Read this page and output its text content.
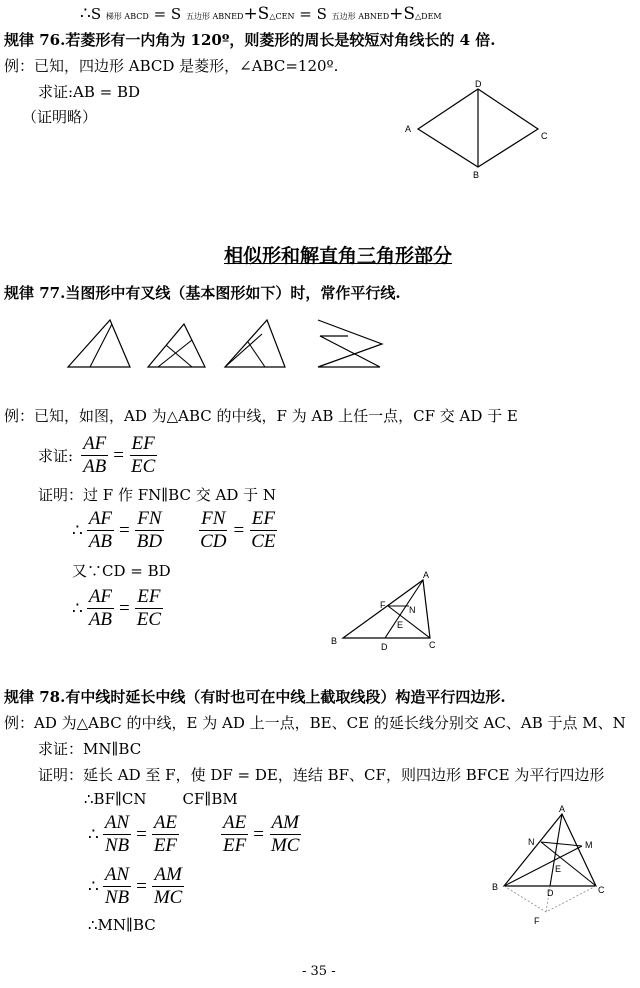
∴S 梯形 ABCD = S 五边形 ABNED+S△CEN = S 五边形 ABNED+S△DEM
规律 76.若菱形有一内角为 120º，则菱形的周长是较短对角线长的 4 倍.
例：已知，四边形 ABCD 是菱形，∠ABC=120º.
求证:AB = BD
（证明略）
A
D
C
B
相似形和解直角三角形部分
规律 77.当图形中有叉线（基本图形如下）时，常作平行线.
例：已知，如图，AD 为△ABC 的中线，F 为 AB 上任一点，CF 交 AD 于 E
求证: $\frac{AF}{AB} = \frac{EF}{EC}$
证明：过 F 作 FN∥BC 交 AD 于 N
∴ $\frac{AF}{AB} = \frac{FN}{BD} \frac{FN}{CD} = \frac{EF}{CE}$
又∵CD = BD
∴ $\frac{AF}{AB} = \frac{EF}{EC}$
A
B	C
D
E
F	N
规律 78.有中线时延长中线（有时也可在中线上截取线段）构造平行四边形.
例：AD 为△ABC 的中线，E 为 AD 上一点，BE、CE 的延长线分别交 AC、AB 于点 M、N
求证：MN∥BC
证明：延长 AD 至 F，使 DF = DE，连结 BF、CF，则四边形 BFCE 为平行四边形
∴BF∥CN CF∥BM
∴ $\frac{AN}{NB} = \frac{AE}{EF} \frac{AE}{EF} = \frac{AM}{MC}$
∴ $\frac{AN}{NB} = \frac{AM}{MC}$
∴MN∥BC
A
N	M
E
B
D	C
F
- 35 -
